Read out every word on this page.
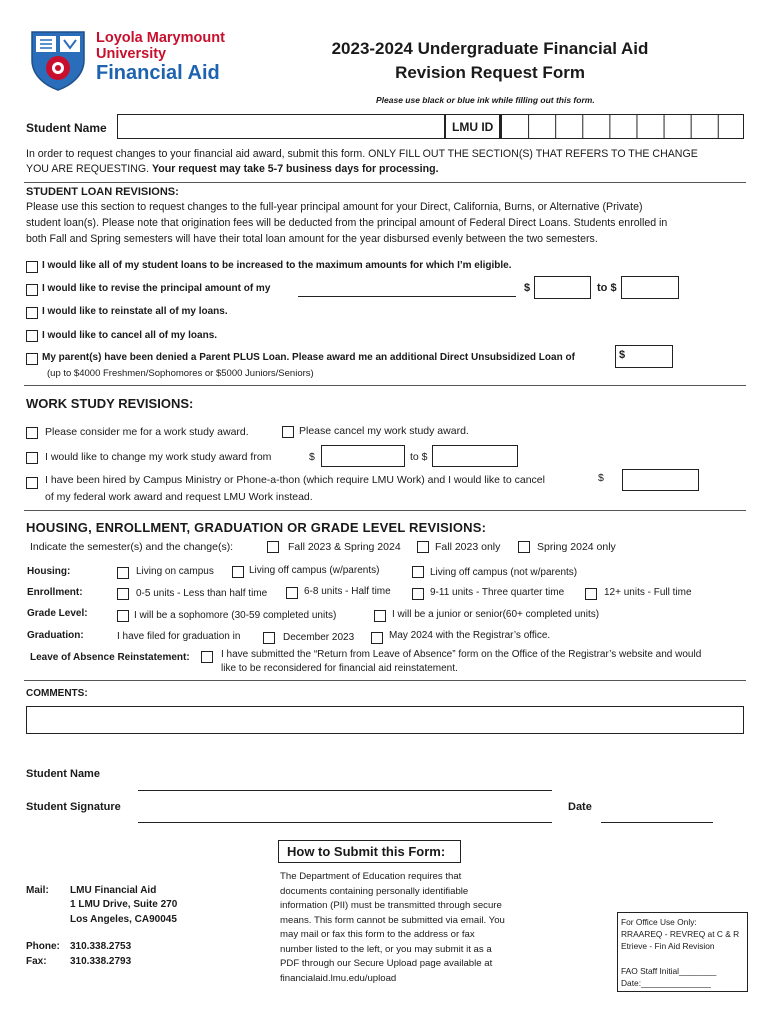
Loyola Marymount
University
Financial Aid
2023-2024 Undergraduate Financial Aid
Revision Request Form
Please use black or blue ink while filling out this form.
Student Name	LMU ID
In order to request changes to your financial aid award, submit this form. ONLY FILL OUT THE SECTION(S) THAT REFERS TO THE CHANGE
YOU ARE REQUESTING. Your request may take 5-7 business days for processing.
STUDENT LOAN REVISIONS:
Please use this section to request changes to the full-year principal amount for your Direct, California, Burns, or Alternative (Private)
student loan(s). Please note that origination fees will be deducted from the principal amount of Federal Direct Loans. Students enrolled in
both Fall and Spring semesters will have their total loan amount for the year disbursed evenly between the two semesters.
I would like all of my student loans to be increased to the maximum amounts for which I’m eligible.
I would like to revise the principal amount of my	$	to $
I would like to reinstate all of my loans.
I would like to cancel all of my loans.
My parent(s) have been denied a Parent PLUS Loan. Please award me an additional Direct Unsubsidized Loan of	$
(up to $4000 Freshmen/Sophomores or $5000 Juniors/Seniors)
WORK STUDY REVISIONS:
Please consider me for a work study award.	Please cancel my work study award.
I would like to change my work study award from	$	to $
I have been hired by Campus Ministry or Phone-a-thon (which require LMU Work) and I would like to cancel	$
of my federal work award and request LMU Work instead.
HOUSING, ENROLLMENT, GRADUATION OR GRADE LEVEL REVISIONS:
Indicate the semester(s) and the change(s):	Fall 2023 & Spring 2024	Fall 2023 only	Spring 2024 only
Housing:	Living on campus	Living off campus (w/parents)	Living off campus (not w/parents)
Enrollment:	0-5 units - Less than half time	6-8 units - Half time	9-11 units - Three quarter time	12+ units - Full time
Grade Level:	I will be a sophomore (30-59 completed units)	I will be a junior or senior(60+ completed units)
Graduation:	I have filed for graduation in	December 2023	May 2024 with the Registrar’s office.
Leave of Absence Reinstatement:	I have submitted the “Return from Leave of Absence” form on the Office of the Registrar’s website and would
like to be reconsidered for financial aid reinstatement.
COMMENTS:
Student Name
Student Signature	Date
How to Submit this Form:
Mail: LMU Financial Aid
1 LMU Drive, Suite 270
Los Angeles, CA90045
Phone: 310.338.2753
Fax: 310.338.2793
The Department of Education requires that
documents containing personally identifiable
information (PII) must be transmitted through secure
means. This form cannot be submitted via email. You
may mail or fax this form to the address or fax
number listed to the left, or you may submit it as a
PDF through our Secure Upload page available at
financialaid.lmu.edu/upload
For Office Use Only:
RRAAREQ - REVREQ at C & R
Etrieve - Fin Aid Revision
FAO Staff Initial________
Date:_______________
